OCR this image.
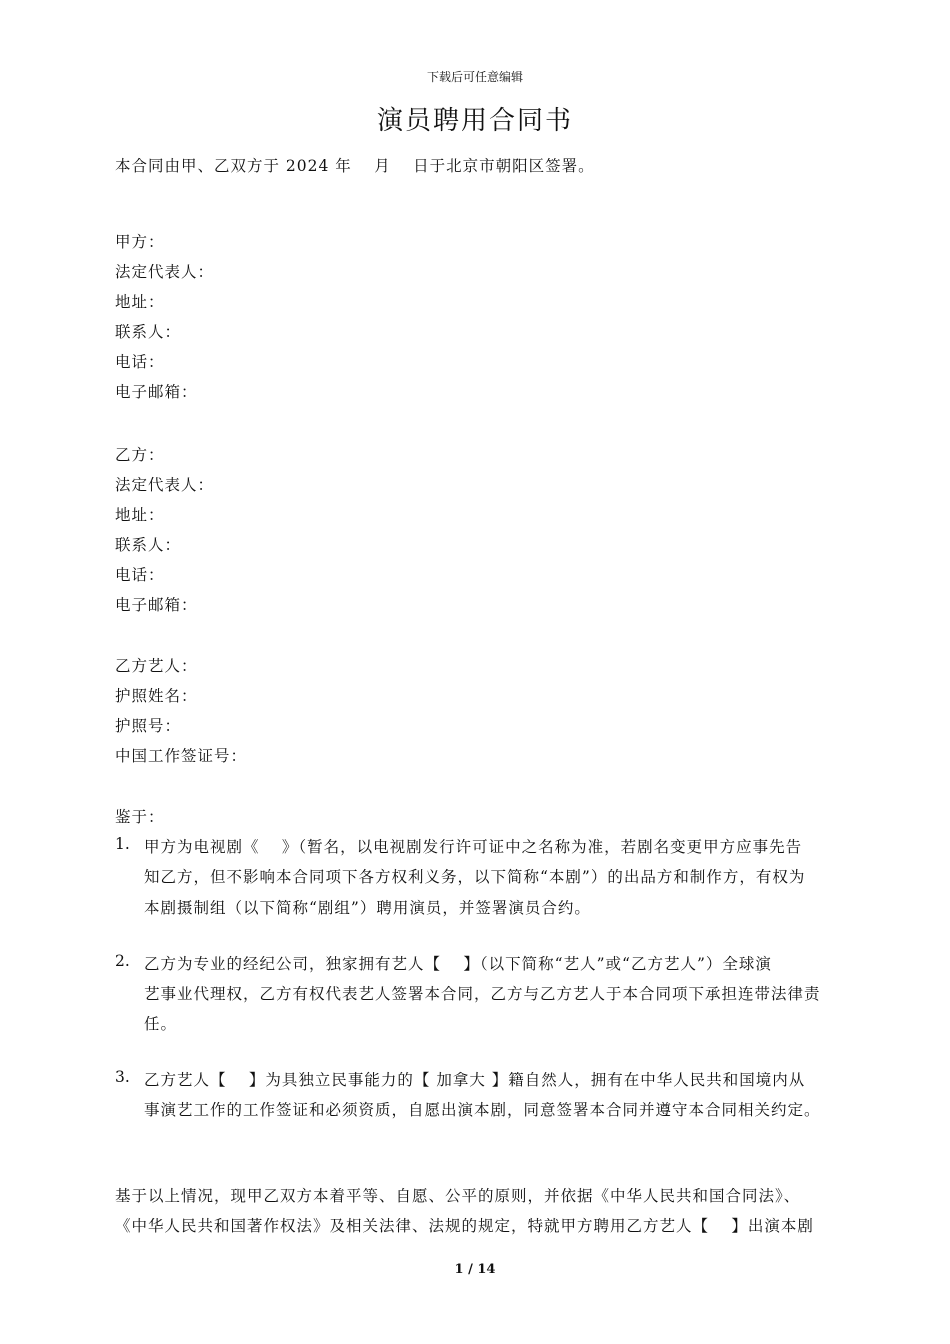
下载后可任意编辑
演员聘用合同书
本合同由甲、乙双方于 2024 年　 月　 日于北京市朝阳区签署。
甲方：
法定代表人：
地址：
联系人：
电话：
电子邮箱：
乙方：
法定代表人：
地址：
联系人：
电话：
电子邮箱：
乙方艺人：
护照姓名：
护照号：
中国工作签证号：
鉴于：
1. 甲方为电视剧《　 》（暂名，以电视剧发行许可证中之名称为准，若剧名变更甲方应事先告
知乙方，但不影响本合同项下各方权利义务，以下简称“本剧”）的出品方和制作方，有权为
本剧摄制组（以下简称“剧组”）聘用演员，并签署演员合约。
2. 乙方为专业的经纪公司，独家拥有艺人【　 】（以下简称“艺人”或“乙方艺人”）全球演
艺事业代理权，乙方有权代表艺人签署本合同，乙方与乙方艺人于本合同项下承担连带法律责
任。
3. 乙方艺人【　 】为具独立民事能力的【 加拿大 】籍自然人，拥有在中华人民共和国境内从
事演艺工作的工作签证和必须资质，自愿出演本剧，同意签署本合同并遵守本合同相关约定。
基于以上情况，现甲乙双方本着平等、自愿、公平的原则，并依据《中华人民共和国合同法》、
《中华人民共和国著作权法》及相关法律、法规的规定，特就甲方聘用乙方艺人【　 】出演本剧
1 / 14
